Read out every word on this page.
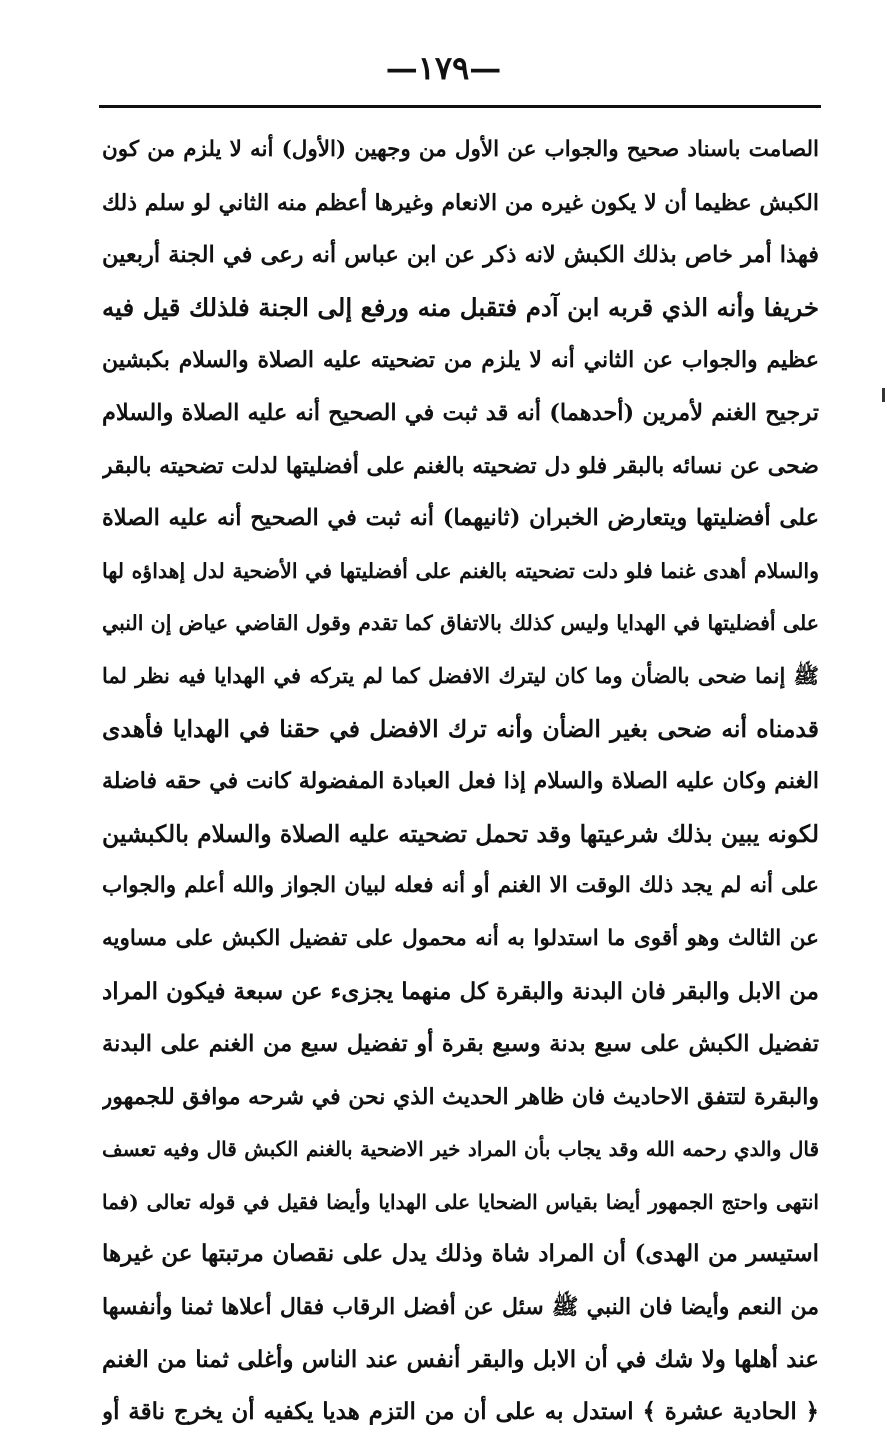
—١٧٩—
الصامت باسناد صحيح والجواب عن الأول من وجهين (الأول) أنه لا يلزم من كون
الكبش عظيما أن لا يكون غيره من الانعام وغيرها أعظم منه الثاني لو سلم ذلك
فهذا أمر خاص بذلك الكبش لانه ذكر عن ابن عباس أنه رعى في الجنة أربعين
خريفا وأنه الذي قربه ابن آدم فتقبل منه ورفع إلى الجنة فلذلك قيل فيه
عظيم والجواب عن الثاني أنه لا يلزم من تضحيته عليه الصلاة والسلام بكبشين
ترجيح الغنم لأمرين (أحدهما) أنه قد ثبت في الصحيح أنه عليه الصلاة والسلام
ضحى عن نسائه بالبقر فلو دل تضحيته بالغنم على أفضليتها لدلت تضحيته بالبقر
على أفضليتها ويتعارض الخبران (ثانيهما) أنه ثبت في الصحيح أنه عليه الصلاة
والسلام أهدى غنما فلو دلت تضحيته بالغنم على أفضليتها في الأضحية لدل إهداؤه لها
على أفضليتها في الهدايا وليس كذلك بالاتفاق كما تقدم وقول القاضي عياض إن النبي
ﷺ إنما ضحى بالضأن وما كان ليترك الافضل كما لم يتركه في الهدايا فيه نظر لما
قدمناه أنه ضحى بغير الضأن وأنه ترك الافضل في حقنا في الهدايا فأهدى
الغنم وكان عليه الصلاة والسلام إذا فعل العبادة المفضولة كانت في حقه فاضلة
لكونه يبين بذلك شرعيتها وقد تحمل تضحيته عليه الصلاة والسلام بالكبشين
على أنه لم يجد ذلك الوقت الا الغنم أو أنه فعله لبيان الجواز والله أعلم والجواب
عن الثالث وهو أقوى ما استدلوا به أنه محمول على تفضيل الكبش على مساويه
من الابل والبقر فان البدنة والبقرة كل منهما يجزىء عن سبعة فيكون المراد
تفضيل الكبش على سبع بدنة وسبع بقرة أو تفضيل سبع من الغنم على البدنة
والبقرة لتتفق الاحاديث فان ظاهر الحديث الذي نحن في شرحه موافق للجمهور
قال والدي رحمه الله وقد يجاب بأن المراد خير الاضحية بالغنم الكبش قال وفيه تعسف
انتهى واحتج الجمهور أيضا بقياس الضحايا على الهدايا وأيضا فقيل في قوله تعالى (فما
استيسر من الهدى) أن المراد شاة وذلك يدل على نقصان مرتبتها عن غيرها
من النعم وأيضا فان النبي ﷺ سئل عن أفضل الرقاب فقال أعلاها ثمنا وأنفسها
عند أهلها ولا شك في أن الابل والبقر أنفس عند الناس وأغلى ثمنا من الغنم
﴿ الحادية عشرة ﴾ استدل به على أن من التزم هديا يكفيه أن يخرج ناقة أو
